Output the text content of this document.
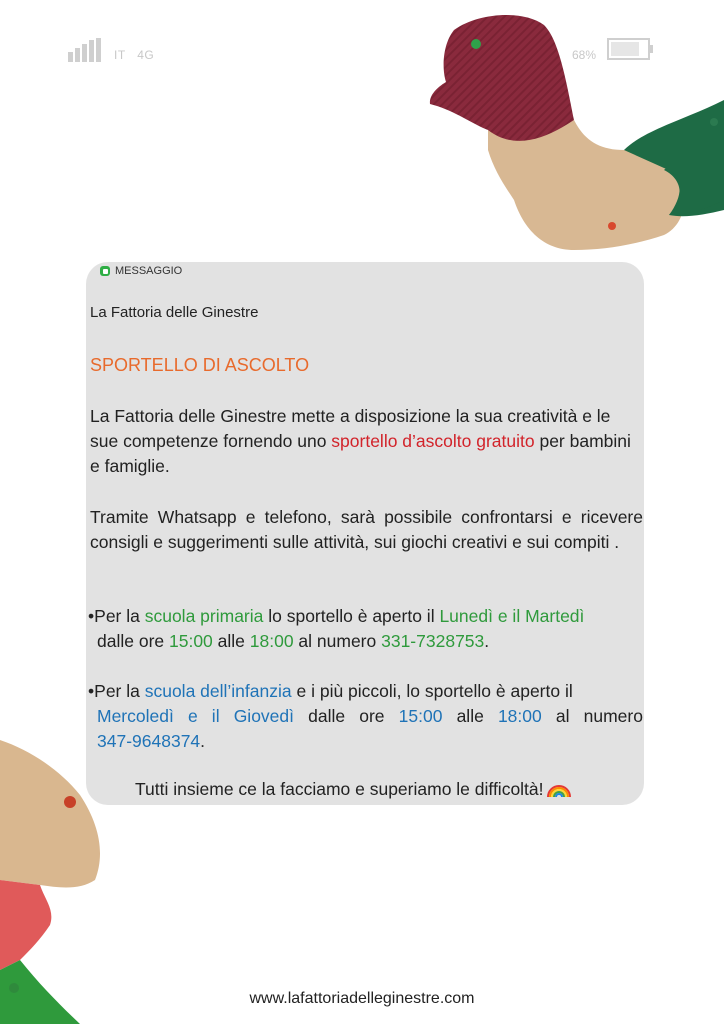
IT 4G	68%
MESSAGGIO
La Fattoria delle Ginestre
SPORTELLO DI ASCOLTO

La Fattoria delle Ginestre mette a disposizione la sua creatività e le sue competenze fornendo uno sportello d’ascolto gratuito per bambini e famiglie.

Tramite Whatsapp e telefono, sarà possibile confrontarsi e ricevere consigli e suggerimenti sulle attività, sui giochi creativi e sui compiti .

•Per la scuola primaria lo sportello è aperto il Lunedì e il Martedì
dalle ore 15:00 alle 18:00 al numero 331-7328753.

•Per la scuola dell’infanzia e i più piccoli, lo sportello è aperto il

Mercoledì e il Giovedì dalle ore 15:00 alle 18:00 al numero

347-9648374.

Tutti insieme ce la facciamo e superiamo le difficoltà!

www.lafattoriadelleginestre.com
